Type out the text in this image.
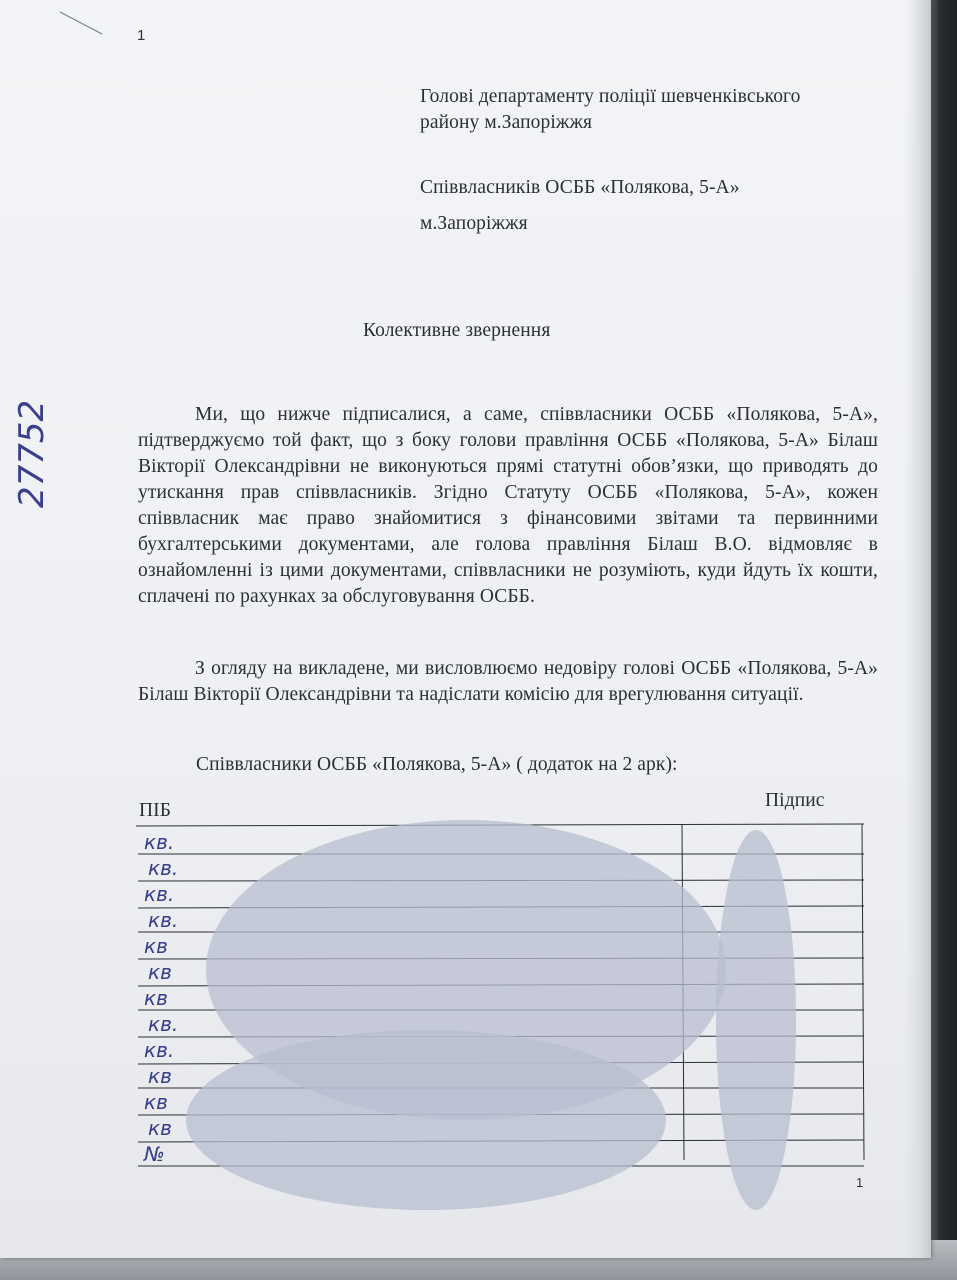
1
Голові департаменту поліції шевченківського
району м.Запоріжжя
Співвласників ОСББ «Полякова, 5-А»
м.Запоріжжя
Колективне звернення
Ми, що нижче підписалися, а саме, співвласники ОСББ «Полякова, 5-А», підтверджуємо той факт, що з боку голови правління ОСББ «Полякова, 5-А» Білаш Вікторії Олександрівни не виконуються прямі статутні обов’язки, що приводять до утискання прав співвласників. Згідно Статуту ОСББ «Полякова, 5-А», кожен співвласник має право знайомитися з фінансовими звітами та первинними бухгалтерськими документами, але голова правління Білаш В.О. відмовляє в ознайомленні із цими документами, співвласники не розуміють, куди йдуть їх кошти, сплачені по рахунках за обслуговування ОСББ.
З огляду на викладене, ми висловлюємо недовіру голові ОСББ «Полякова, 5-А» Білаш Вікторії Олександрівни та надіслати комісію для врегулювання ситуації.
Співвласники ОСББ «Полякова, 5-А» ( додаток на 2 арк):
ПІБ	Підпис
27752
кв.
кв.
кв.
кв.
кв
кв
кв
кв.
кв.
кв
кв
кв
№
1
